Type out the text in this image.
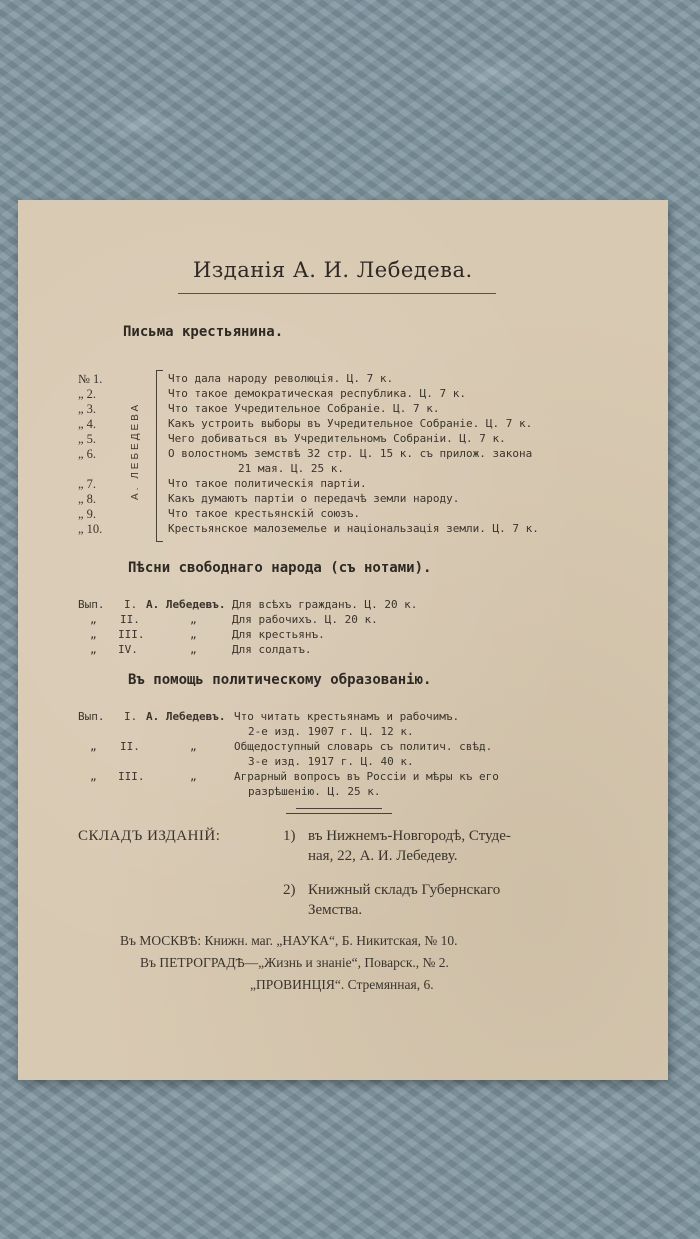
Изданія А. И. Лебедева.
Письма крестьянина.
А. ЛЕБЕДЕВА
№ 1.	Что дала народу революція. Ц. 7 к.
„ 2.	Что такое демократическая республика. Ц. 7 к.
„ 3.	Что такое Учредительное Собраніе. Ц. 7 к.
„ 4.	Какъ устроить выборы въ Учредительное Собраніе. Ц. 7 к.
„ 5.	Чего добиваться въ Учредительномъ Собраніи. Ц. 7 к.
„ 6.	О волостномъ земствѣ 32 стр. Ц. 15 к. съ прилож. закона
21 мая. Ц. 25 к.
„ 7.	Что такое политическія партіи.
„ 8.	Какъ думаютъ партіи о передачѣ земли народу.
„ 9.	Что такое крестьянскій союзъ.
„ 10.	Крестьянское малоземелье и національзація земли. Ц. 7 к.
Пѣсни свободнаго народа (съ нотами).
Вып. I. А. Лебедевъ. Для всѣхъ гражданъ. Ц. 20 к.
„ II.	„	Для рабочихъ. Ц. 20 к.
„ III.	„	Для крестьянъ.
„ IV.	„	Для солдатъ.
Въ помощь политическому образованію.
Вып. I. А. Лебедевъ. Что читать крестьянамъ и рабочимъ.
2-е изд. 1907 г. Ц. 12 к.
„ II.	„	Общедоступный словарь съ политич. свѣд.
3-е изд. 1917 г. Ц. 40 к.
„ III.	„	Аграрный вопросъ въ Россіи и мѣры къ его
разрѣшенію. Ц. 25 к.
СКЛАДЪ ИЗДАНІЙ:	1) въ Нижнемъ-Новгородѣ, Студе-
ная, 22, А. И. Лебедеву.
2) Книжный складъ Губернскаго
Земства.
Въ МОСКВѢ: Книжн. маг. „НАУКА“, Б. Никитская, № 10.
Въ ПЕТРОГРАДѢ—„Жизнь и знаніе“, Поварск., № 2.
„ПРОВИНЦІЯ“. Стремянная, 6.
